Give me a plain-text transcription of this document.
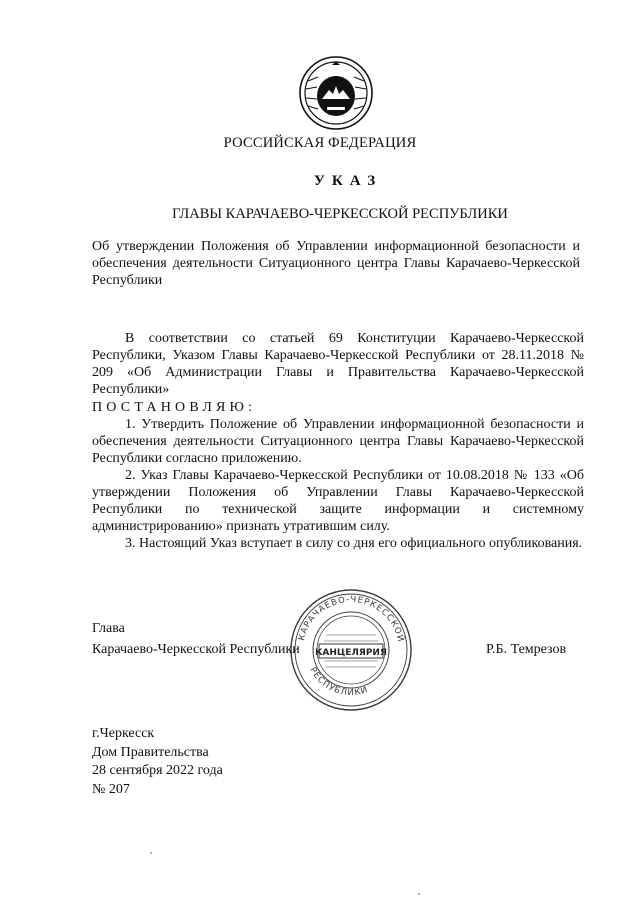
РОССИЙСКАЯ ФЕДЕРАЦИЯ
УКАЗ
ГЛАВЫ КАРАЧАЕВО-ЧЕРКЕССКОЙ РЕСПУБЛИКИ
Об утверждении Положения об Управлении информационной безопасности и обеспечения деятельности Ситуационного центра Главы Карачаево-Черкесской Республики

В соответствии со статьей 69 Конституции Карачаево-Черкесской Республики, Указом Главы Карачаево-Черкесской Республики от 28.11.2018 № 209 «Об Администрации Главы и Правительства Карачаево-Черкесской Республики»

ПОСТАНОВЛЯЮ:

1. Утвердить Положение об Управлении информационной безопасности и обеспечения деятельности Ситуационного центра Главы Карачаево-Черкесской Республики согласно приложению.

2. Указ Главы Карачаево-Черкесской Республики от 10.08.2018 № 133 «Об утверждении Положения об Управлении Главы Карачаево-Черкесской Республики по технической защите информации и системному администрированию» признать утратившим силу.

3. Настоящий Указ вступает в силу со дня его официального опубликования.

Глава
Карачаево-Черкесской Республики
КАРАЧАЕВО-ЧЕРКЕССКОЙ
РЕСПУБЛИКИ
КАНЦЕЛЯРИЯ	Р.Б. Темрезов
г.Черкесск
Дом Правительства
28 сентября 2022 года
№ 207
